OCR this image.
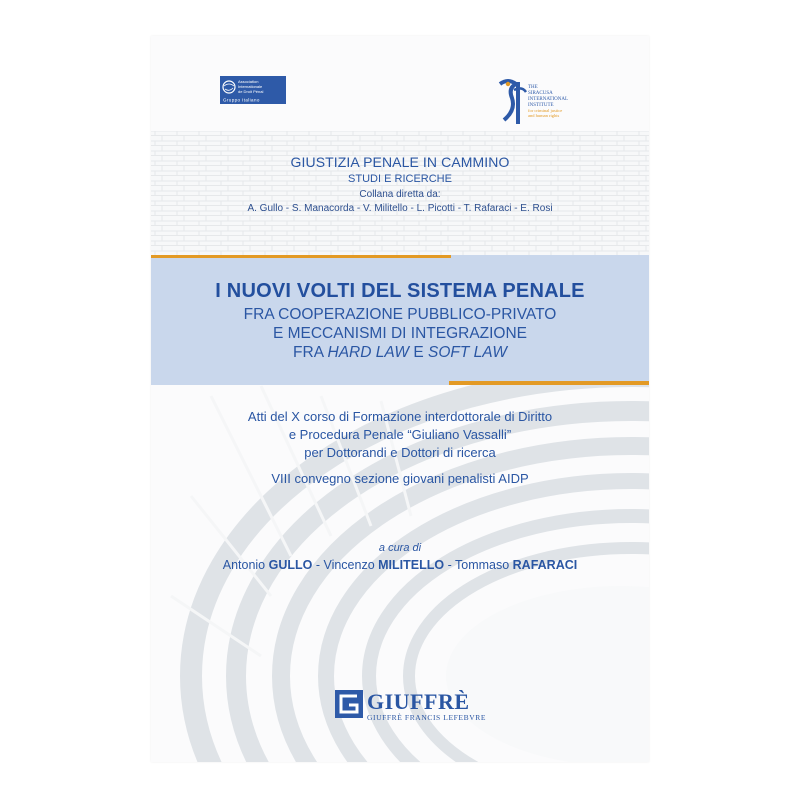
Association
Internationale
de Droit Pénal
Gruppo Italiano
THE
SIRACUSA
INTERNATIONAL
INSTITUTE
for criminal justice
and human rights
GIUSTIZIA PENALE IN CAMMINO
STUDI E RICERCHE
Collana diretta da:
A. Gullo - S. Manacorda - V. Militello - L. Picotti - T. Rafaraci - E. Rosi
I NUOVI VOLTI DEL SISTEMA PENALE
FRA COOPERAZIONE PUBBLICO-PRIVATO
E MECCANISMI DI INTEGRAZIONE
FRA HARD LAW E SOFT LAW
Atti del X corso di Formazione interdottorale di Diritto
e Procedura Penale “Giuliano Vassalli”
per Dottorandi e Dottori di ricerca
VIII convegno sezione giovani penalisti AIDP
a cura di
Antonio GULLO - Vincenzo MILITELLO - Tommaso RAFARACI
GIUFFRÈ
GIUFFRÈ FRANCIS LEFEBVRE
